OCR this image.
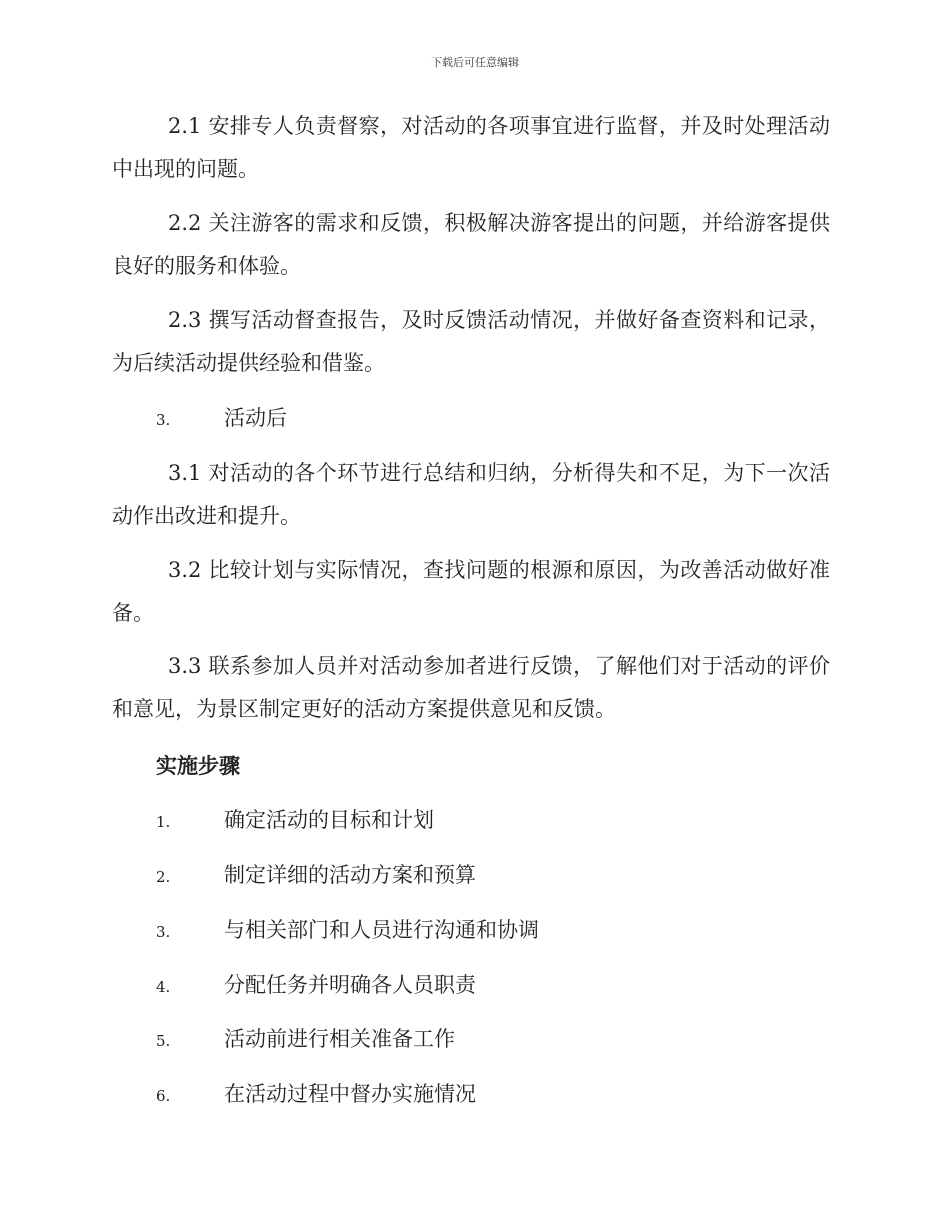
下载后可任意编辑

2.1 安排专人负责督察，对活动的各项事宜进行监督，并及时处理活动中出现的问题。

2.2 关注游客的需求和反馈，积极解决游客提出的问题，并给游客提供良好的服务和体验。

2.3 撰写活动督查报告，及时反馈活动情况，并做好备查资料和记录，为后续活动提供经验和借鉴。

3.	活动后

3.1 对活动的各个环节进行总结和归纳，分析得失和不足，为下一次活动作出改进和提升。

3.2 比较计划与实际情况，查找问题的根源和原因，为改善活动做好准备。

3.3 联系参加人员并对活动参加者进行反馈，了解他们对于活动的评价和意见，为景区制定更好的活动方案提供意见和反馈。

实施步骤
1.	确定活动的目标和计划
2.	制定详细的活动方案和预算
3.	与相关部门和人员进行沟通和协调
4.	分配任务并明确各人员职责
5.	活动前进行相关准备工作
6.	在活动过程中督办实施情况
